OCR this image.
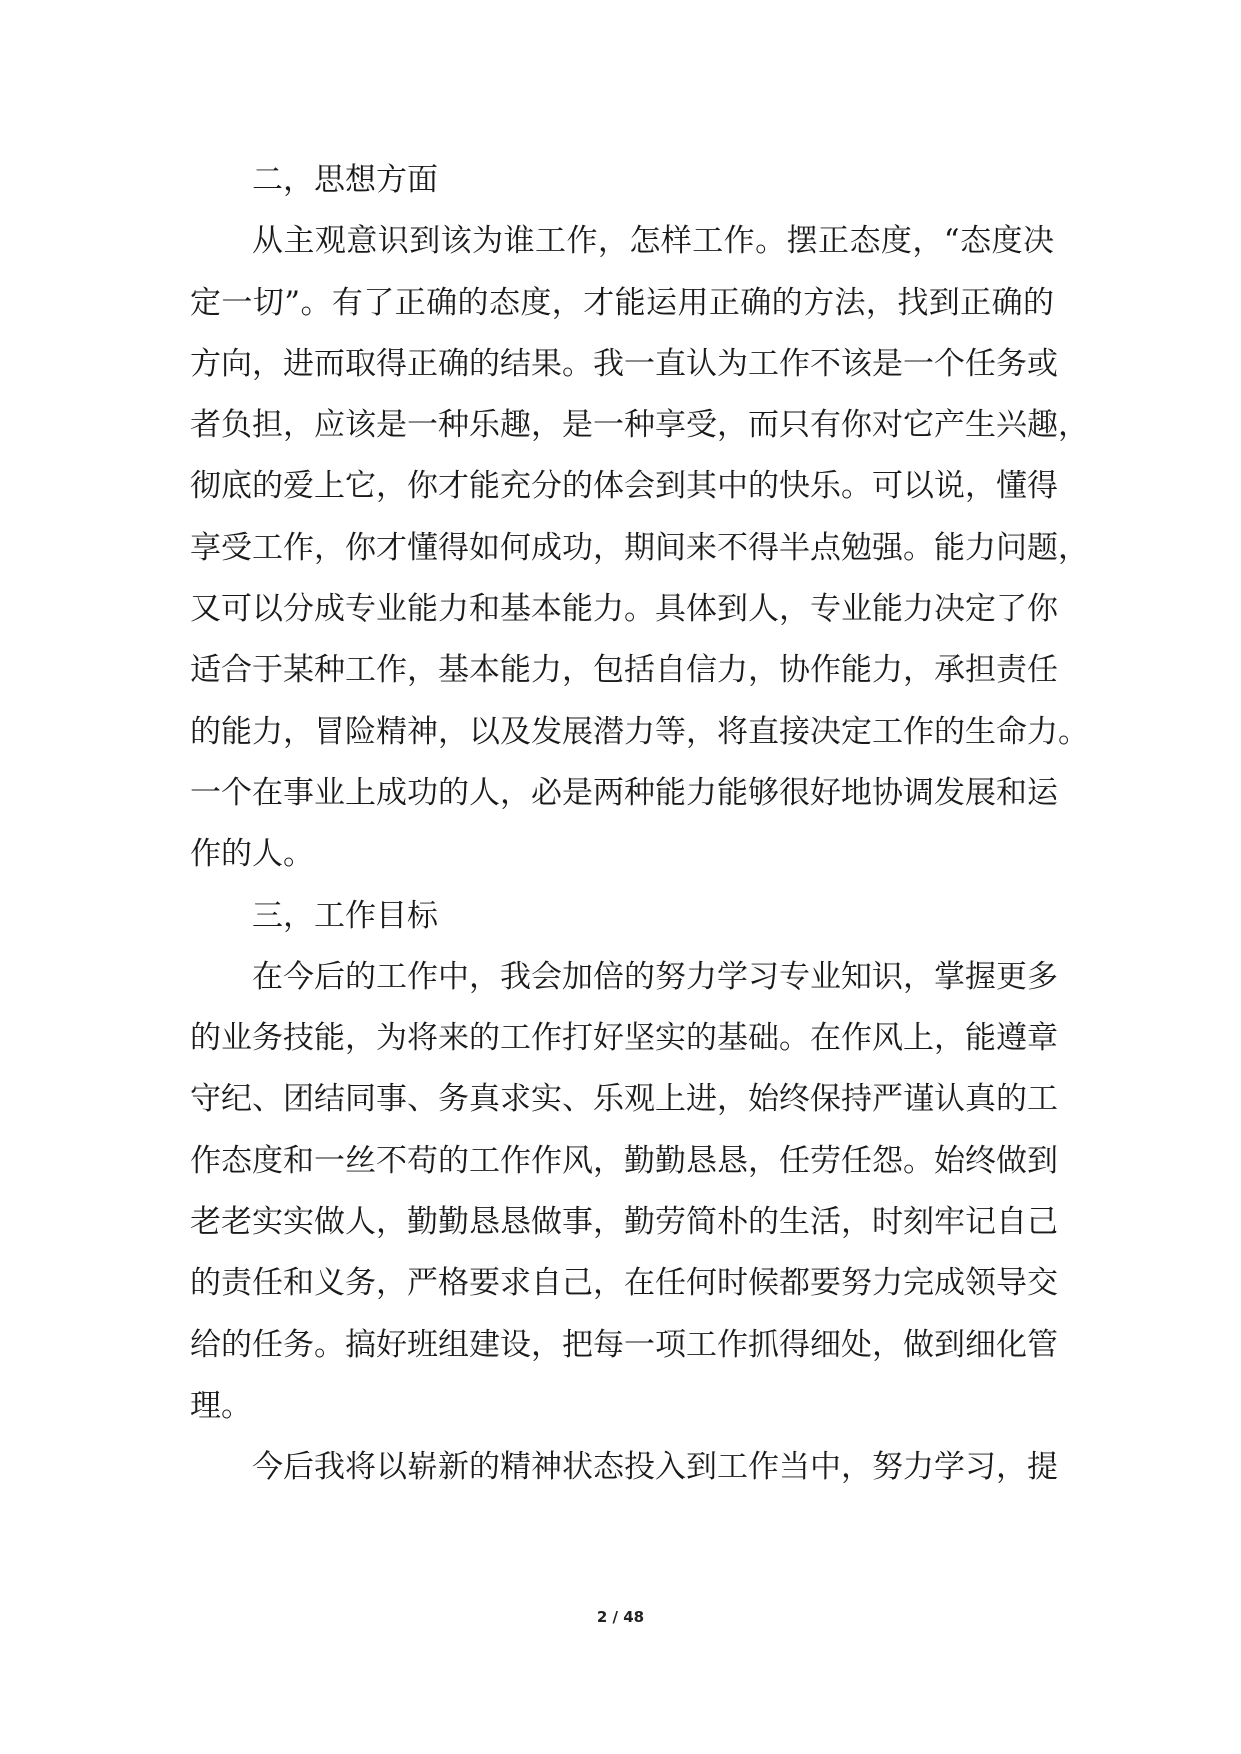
二，思想方面
从主观意识到该为谁工作，怎样工作。摆正态度，“态度决
定一切”。有了正确的态度，才能运用正确的方法，找到正确的
方向，进而取得正确的结果。我一直认为工作不该是一个任务或
者负担，应该是一种乐趣，是一种享受，而只有你对它产生兴趣，
彻底的爱上它，你才能充分的体会到其中的快乐。可以说，懂得
享受工作，你才懂得如何成功，期间来不得半点勉强。能力问题，
又可以分成专业能力和基本能力。具体到人，专业能力决定了你
适合于某种工作，基本能力，包括自信力，协作能力，承担责任
的能力，冒险精神，以及发展潜力等，将直接决定工作的生命力。
一个在事业上成功的人，必是两种能力能够很好地协调发展和运
作的人。
三，工作目标
在今后的工作中，我会加倍的努力学习专业知识，掌握更多
的业务技能，为将来的工作打好坚实的基础。在作风上，能遵章
守纪、团结同事、务真求实、乐观上进，始终保持严谨认真的工
作态度和一丝不苟的工作作风，勤勤恳恳，任劳任怨。始终做到
老老实实做人，勤勤恳恳做事，勤劳简朴的生活，时刻牢记自己
的责任和义务，严格要求自己，在任何时候都要努力完成领导交
给的任务。搞好班组建设，把每一项工作抓得细处，做到细化管
理。
今后我将以崭新的精神状态投入到工作当中，努力学习，提
2 / 48
